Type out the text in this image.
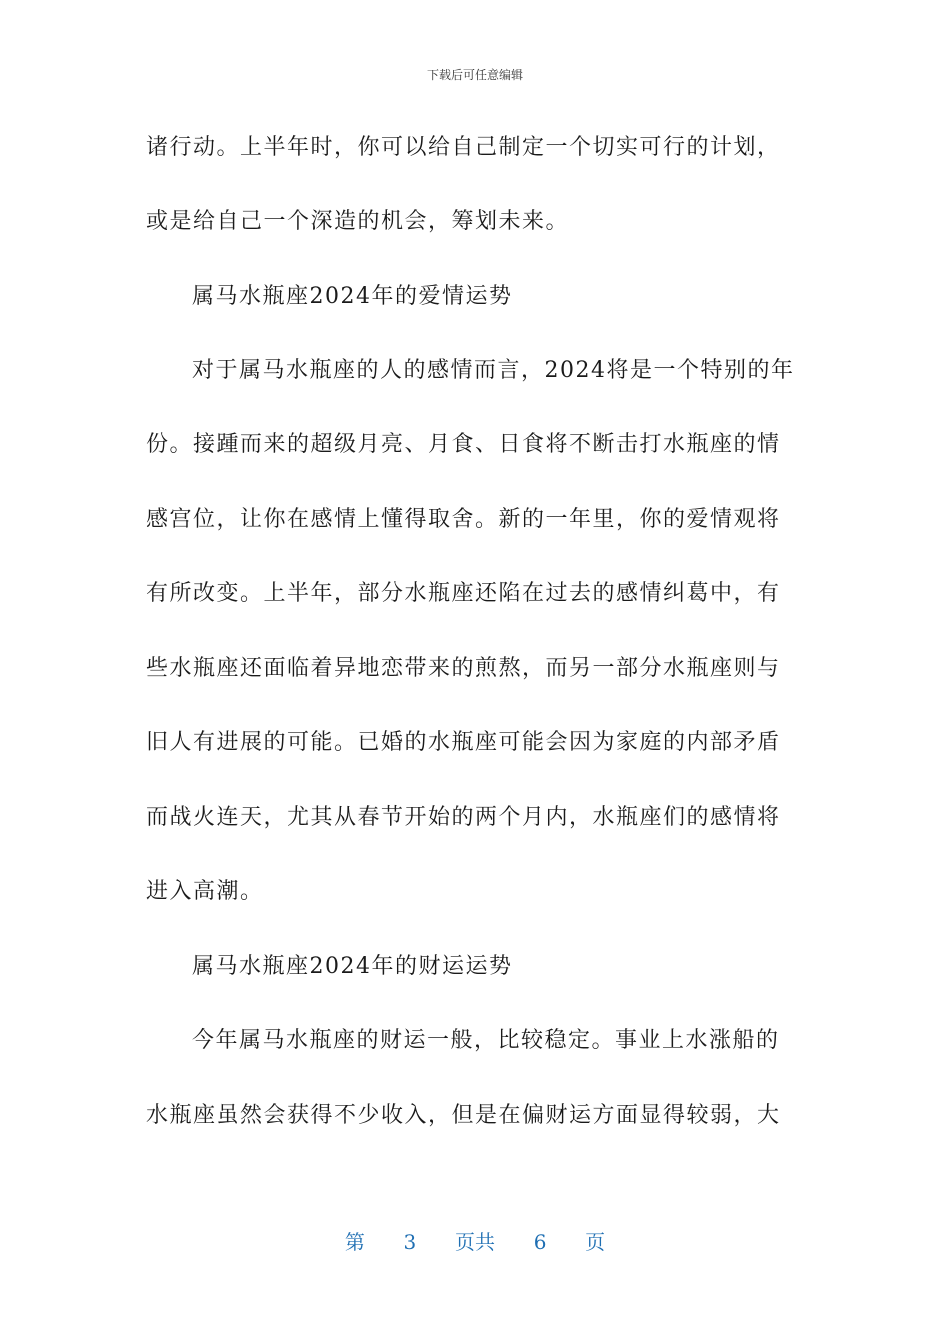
下载后可任意编辑
诸行动。上半年时，你可以给自己制定一个切实可行的计划，
或是给自己一个深造的机会，筹划未来。
属马水瓶座2024年的爱情运势
对于属马水瓶座的人的感情而言，2024将是一个特别的年
份。接踵而来的超级月亮、月食、日食将不断击打水瓶座的情
感宫位，让你在感情上懂得取舍。新的一年里，你的爱情观将
有所改变。上半年，部分水瓶座还陷在过去的感情纠葛中，有
些水瓶座还面临着异地恋带来的煎熬，而另一部分水瓶座则与
旧人有进展的可能。已婚的水瓶座可能会因为家庭的内部矛盾
而战火连天，尤其从春节开始的两个月内，水瓶座们的感情将
进入高潮。
属马水瓶座2024年的财运运势
今年属马水瓶座的财运一般，比较稳定。事业上水涨船的
水瓶座虽然会获得不少收入，但是在偏财运方面显得较弱，大
第 3 页共 6 页
